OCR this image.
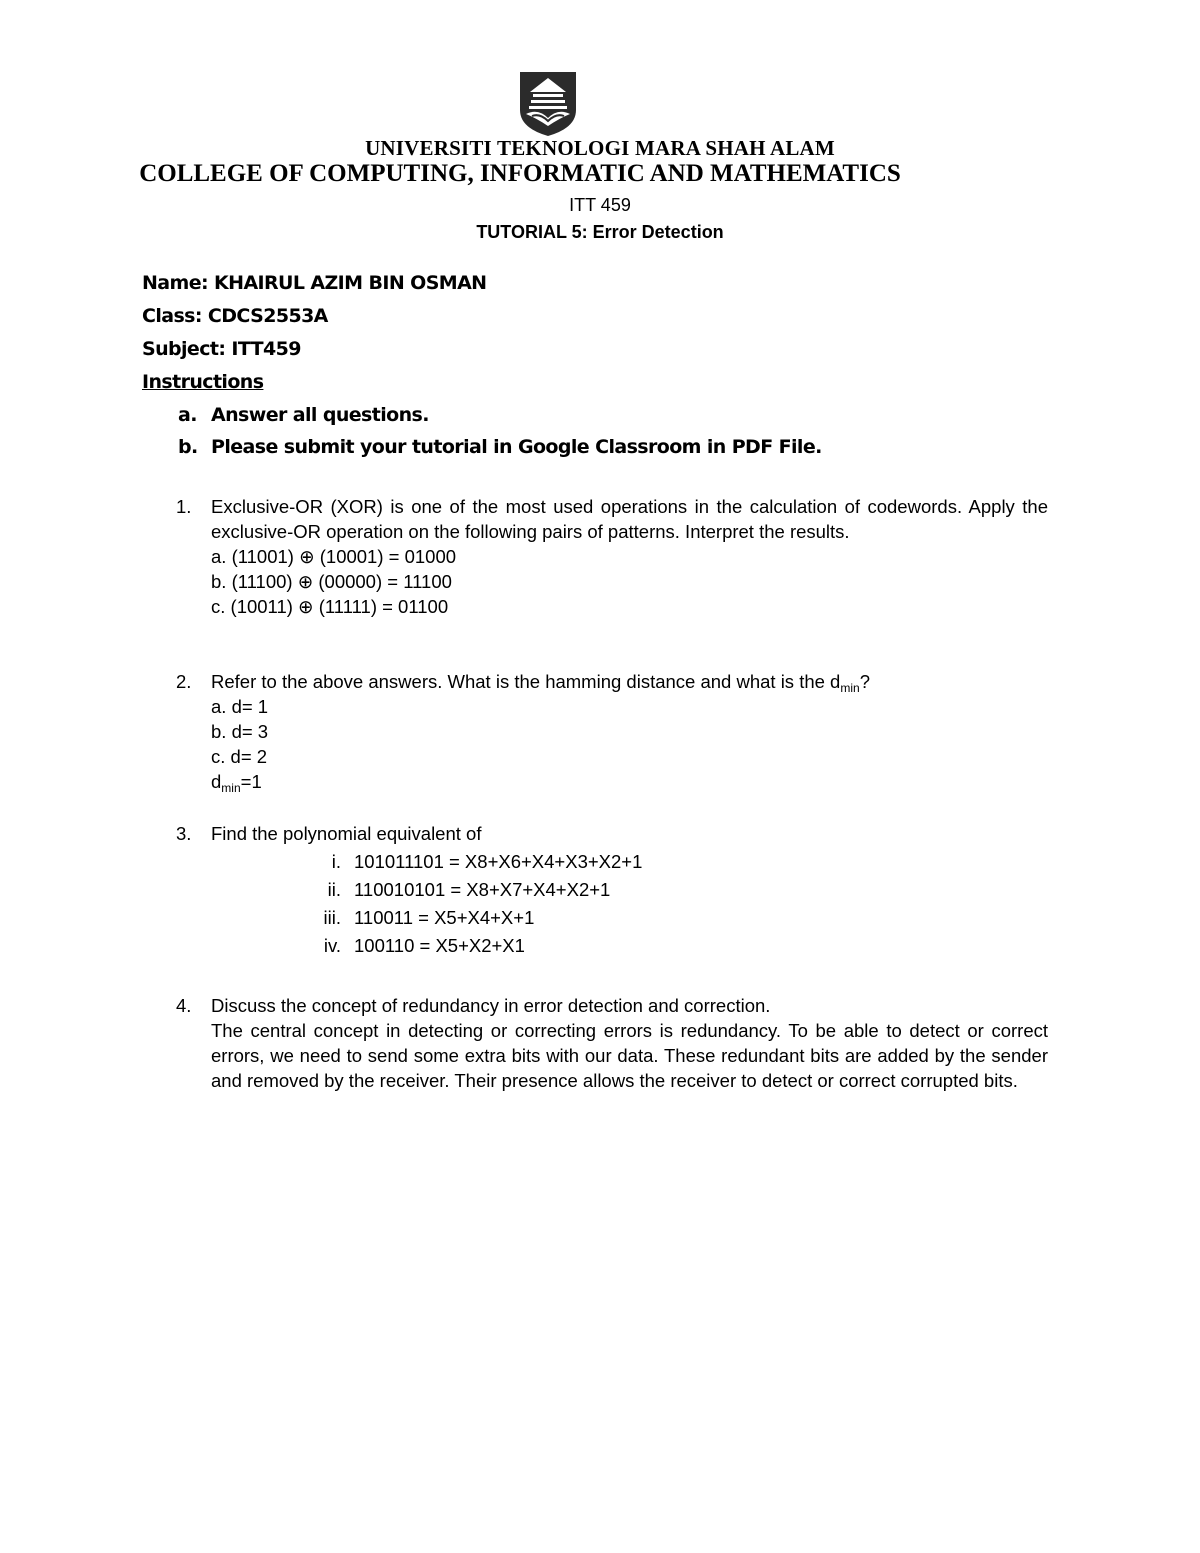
UNIVERSITI TEKNOLOGI MARA SHAH ALAM
COLLEGE OF COMPUTING, INFORMATIC AND MATHEMATICS
ITT 459
TUTORIAL 5: Error Detection
Name: KHAIRUL AZIM BIN OSMAN
Class: CDCS2553A
Subject: ITT459
Instructions
a. Answer all questions.
b. Please submit your tutorial in Google Classroom in PDF File.
1.	Exclusive-OR (XOR) is one of the most used operations in the calculation of codewords. Apply the exclusive-OR operation on the following pairs of patterns. Interpret the results.
a. (11001) ⊕ (10001) = 01000
b. (11100) ⊕ (00000) = 11100
c. (10011) ⊕ (11111) = 01100
2.	Refer to the above answers. What is the hamming distance and what is the $d_{min}$?
a. d= 1
b. d= 3
c. d= 2
$d_{min}=1$
3.	Find the polynomial equivalent of
i. 101011101 = X8+X6+X4+X3+X2+1
ii. 110010101 = X8+X7+X4+X2+1
iii. 110011 = X5+X4+X+1
iv. 100110 = X5+X2+X1
4.	Discuss the concept of redundancy in error detection and correction.
The central concept in detecting or correcting errors is redundancy. To be able to detect or correct errors, we need to send some extra bits with our data. These redundant bits are added by the sender and removed by the receiver. Their presence allows the receiver to detect or correct corrupted bits.
